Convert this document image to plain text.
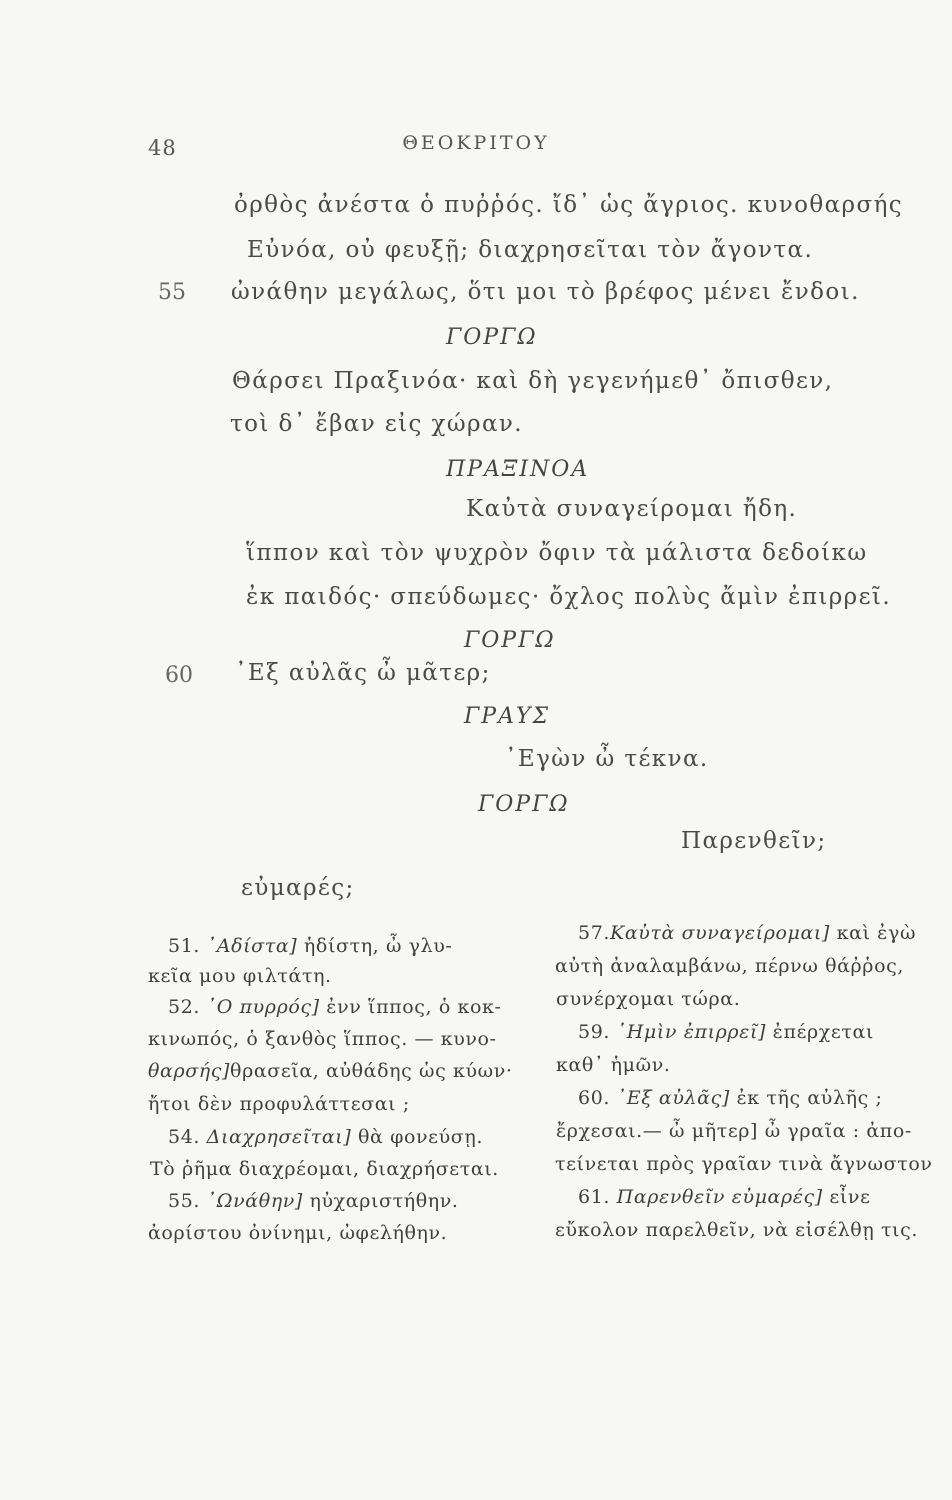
48	ΘΕΟΚΡΙΤΟΥ
ὀρθὸς ἀνέστα ὁ πυῤῥός. ἴδ᾽ ὡς ἄγριος. κυνοθαρσής
Εὐνόα, οὐ φευξῇ; διαχρησεῖται τὸν ἄγοντα.
55 ὠνάθην μεγάλως, ὅτι μοι τὸ βρέφος μένει ἔνδοι.
ΓΟΡΓΩ
Θάρσει Πραξινόα· καὶ δὴ γεγενήμεθ᾽ ὄπισθεν,
τοὶ δ᾽ ἔβαν εἰς χώραν.
ΠΡΑΞΙΝΟΑ
Καὐτὰ συναγείρομαι ἤδη.
ἵππον καὶ τὸν ψυχρὸν ὄφιν τὰ μάλιστα δεδοίκω
ἐκ παιδός· σπεύδωμες· ὄχλος πολὺς ἄμὶν ἐπιρρεῖ.
ΓΟΡΓΩ
60 ᾽Εξ αὐλᾶς ὦ μᾶτερ;
ΓΡΑΥΣ
᾽Εγὼν ὦ τέκνα.
ΓΟΡΓΩ
Παρενθεῖν;
εὐμαρές;
51. ᾽Αδίστα] ἡδίστη, ὦ γλυ-
κεῖα μου φιλτάτη.
52. ᾽Ο πυρρός] ἐνν ἵππος, ὁ κοκ-
κινωπός, ὁ ξανθὸς ἵππος. — κυνο-
θαρσής]θρασεῖα, αὐθάδης ὡς κύων·
ἤτοι δὲν προφυλάττεσαι ;
54. Διαχρησεῖται] θὰ φονεύσῃ.
Τὸ ῥῆμα διαχρέομαι, διαχρήσεται.
55. ᾽Ωνάθην] ηὐχαριστήθην.
ἀορίστου ὀνίνημι, ὠφελήθην.
57.Καὐτὰ συναγείρομαι] καὶ ἐγὼ
αὐτὴ ἀναλαμβάνω, πέρνω θάῤῥος,
συνέρχομαι τώρα.
59. ῾Ημὶν ἐπιρρεῖ] ἐπέρχεται
καθ᾽ ἡμῶν.
60. ᾽Εξ αὐλᾶς] ἐκ τῆς αὐλῆς ;
ἔρχεσαι.— ὦ μῆτερ] ὦ γραῖα : ἀπο-
τείνεται πρὸς γραῖαν τινὰ ἄγνωστον
61. Παρενθεῖν εὐμαρές] εἶνε
εὔκολον παρελθεῖν, νὰ εἰσέλθῃ τις.
